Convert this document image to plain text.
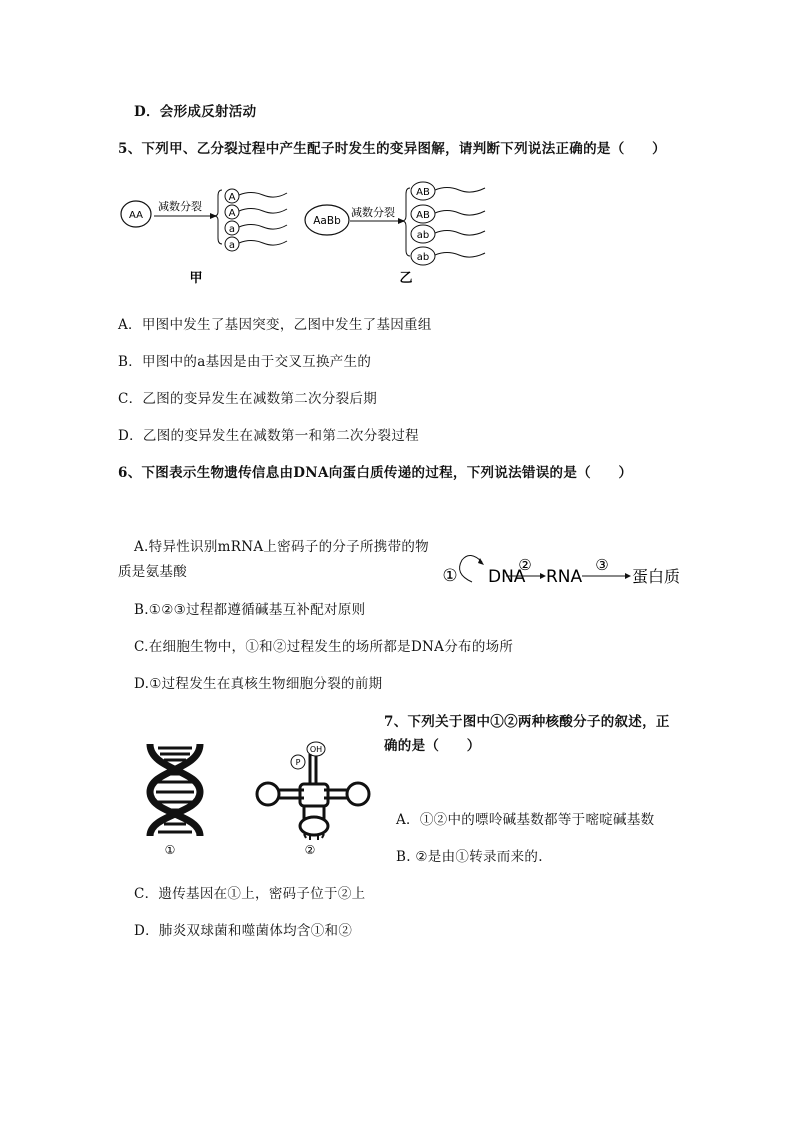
D．会形成反射活动
5、下列甲、乙分裂过程中产生配子时发生的变异图解，请判断下列说法正确的是（　　）
AA
减数分裂
A
A
a
a
甲
AaBb
减数分裂
AB
AB
ab
ab
乙
A．甲图中发生了基因突变，乙图中发生了基因重组
B．甲图中的a基因是由于交叉互换产生的
C．乙图的变异发生在减数第二次分裂后期
D．乙图的变异发生在减数第一和第二次分裂过程
6、下图表示生物遗传信息由DNA向蛋白质传递的过程，下列说法错误的是（　　）
A.特异性识别mRNA上密码子的分子所携带的物
质是氨基酸	① DNA
②
RNA
③
蛋白质
B.①②③过程都遵循碱基互补配对原则
C.在细胞生物中，①和②过程发生的场所都是DNA分布的场所
D.①过程发生在真核生物细胞分裂的前期
7、下列关于图中①②两种核酸分子的叙述，正
确的是（　　）
①
OH
P
②
A．①②中的嘌呤碱基数都等于嘧啶碱基数
B. ②是由①转录而来的.
C．遗传基因在①上，密码子位于②上
D．肺炎双球菌和噬菌体均含①和②
